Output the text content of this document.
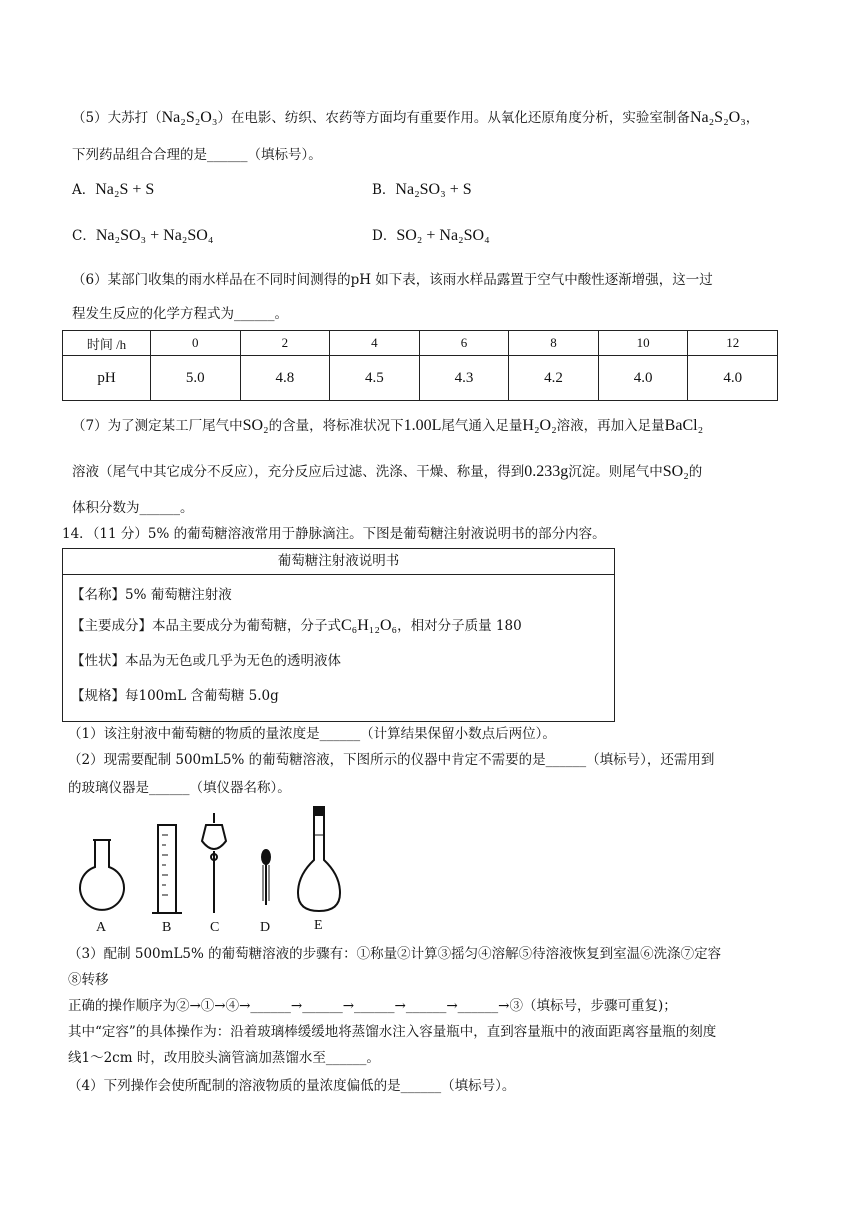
（5）大苏打（Na₂S₂O₃）在电影、纺织、农药等方面均有重要作用。从氧化还原角度分析，实验室制备Na₂S₂O₃，
下列药品组合合理的是______（填标号）。
A．Na₂S + S	B．Na₂SO₃ + S
C．Na₂SO₃ + Na₂SO₄	D．SO₂ + Na₂SO₄
（6）某部门收集的雨水样品在不同时间测得的pH 如下表，该雨水样品露置于空气中酸性逐渐增强，这一过
程发生反应的化学方程式为______。
时间 /h	0	2	4	6	8	10	12
pH	5.0	4.8	4.5	4.3	4.2	4.0	4.0
（7）为了测定某工厂尾气中SO₂的含量，将标准状况下1.00L尾气通入足量H₂O₂溶液，再加入足量BaCl₂
溶液（尾气中其它成分不反应），充分反应后过滤、洗涤、干燥、称量，得到0.233g沉淀。则尾气中SO₂的
体积分数为______。
14．（11 分）5% 的葡萄糖溶液常用于静脉滴注。下图是葡萄糖注射液说明书的部分内容。
葡萄糖注射液说明书
【名称】5% 葡萄糖注射液
【主要成分】本品主要成分为葡萄糖，分子式C₆H₁₂O₆，相对分子质量 180
【性状】本品为无色或几乎为无色的透明液体
【规格】每100mL 含葡萄糖 5.0g
（1）该注射液中葡萄糖的物质的量浓度是______（计算结果保留小数点后两位）。
（2）现需要配制 500mL5% 的葡萄糖溶液，下图所示的仪器中肯定不需要的是______（填标号），还需用到
的玻璃仪器是______（填仪器名称）。
A	B	C	D	E
（3）配制 500mL5% 的葡萄糖溶液的步骤有：①称量②计算③摇匀④溶解⑤待溶液恢复到室温⑥洗涤⑦定容
⑧转移
正确的操作顺序为②→①→④→______→______→______→______→______→③（填标号，步骤可重复)；
其中“定容”的具体操作为：沿着玻璃棒缓缓地将蒸馏水注入容量瓶中，直到容量瓶中的液面距离容量瓶的刻度
线1～2cm 时，改用胶头滴管滴加蒸馏水至______。
（4）下列操作会使所配制的溶液物质的量浓度偏低的是______（填标号）。
